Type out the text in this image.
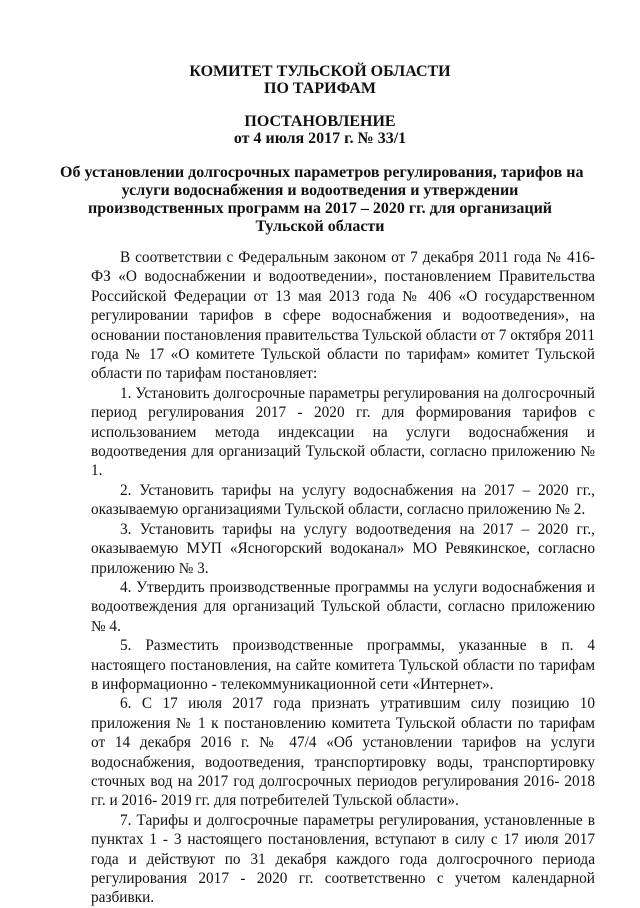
КОМИТЕТ ТУЛЬСКОЙ ОБЛАСТИ
ПО ТАРИФАМ
ПОСТАНОВЛЕНИЕ
от 4 июля 2017 г. № 33/1
Об установлении долгосрочных параметров регулирования, тарифов на
услуги водоснабжения и водоотведения и утверждении
производственных программ на 2017 – 2020 гг. для организаций
Тульской области

В соответствии с Федеральным законом от 7 декабря 2011 года № 416-ФЗ «О водоснабжении и водоотведении», постановлением Правительства Российской Федерации от 13 мая 2013 года № 406 «О государственном регулировании тарифов в сфере водоснабжения и водоотведения», на основании постановления правительства Тульской области от 7 октября 2011 года № 17 «О комитете Тульской области по тарифам» комитет Тульской области по тарифам постановляет:

1. Установить долгосрочные параметры регулирования на долгосрочный период регулирования 2017 - 2020 гг. для формирования тарифов с использованием метода индексации на услуги водоснабжения и водоотведения для организаций Тульской области, согласно приложению № 1.

2. Установить тарифы на услугу водоснабжения на 2017 – 2020 гг., оказываемую организациями Тульской области, согласно приложению № 2.

3. Установить тарифы на услугу водоотведения на 2017 – 2020 гг., оказываемую МУП «Ясногорский водоканал» МО Ревякинское, согласно приложению № 3.

4. Утвердить производственные программы на услуги водоснабжения и водоотвеждения для организаций Тульской области, согласно приложению № 4.

5. Разместить производственные программы, указанные в п. 4 настоящего постановления, на сайте комитета Тульской области по тарифам в информационно - телекоммуникационной сети «Интернет».

6. С 17 июля 2017 года признать утратившим силу позицию 10 приложения № 1 к постановлению комитета Тульской области по тарифам от 14 декабря 2016 г. № 47/4 «Об установлении тарифов на услуги водоснабжения, водоотведения, транспортировку воды, транспортировку сточных вод на 2017 год долгосрочных периодов регулирования 2016- 2018 гг. и 2016- 2019 гг. для потребителей Тульской области».

7. Тарифы и долгосрочные параметры регулирования, установленные в пунктах 1 - 3 настоящего постановления, вступают в силу с 17 июля 2017 года и действуют по 31 декабря каждого года долгосрочного периода регулирования 2017 - 2020 гг. соответственно с учетом календарной разбивки.
